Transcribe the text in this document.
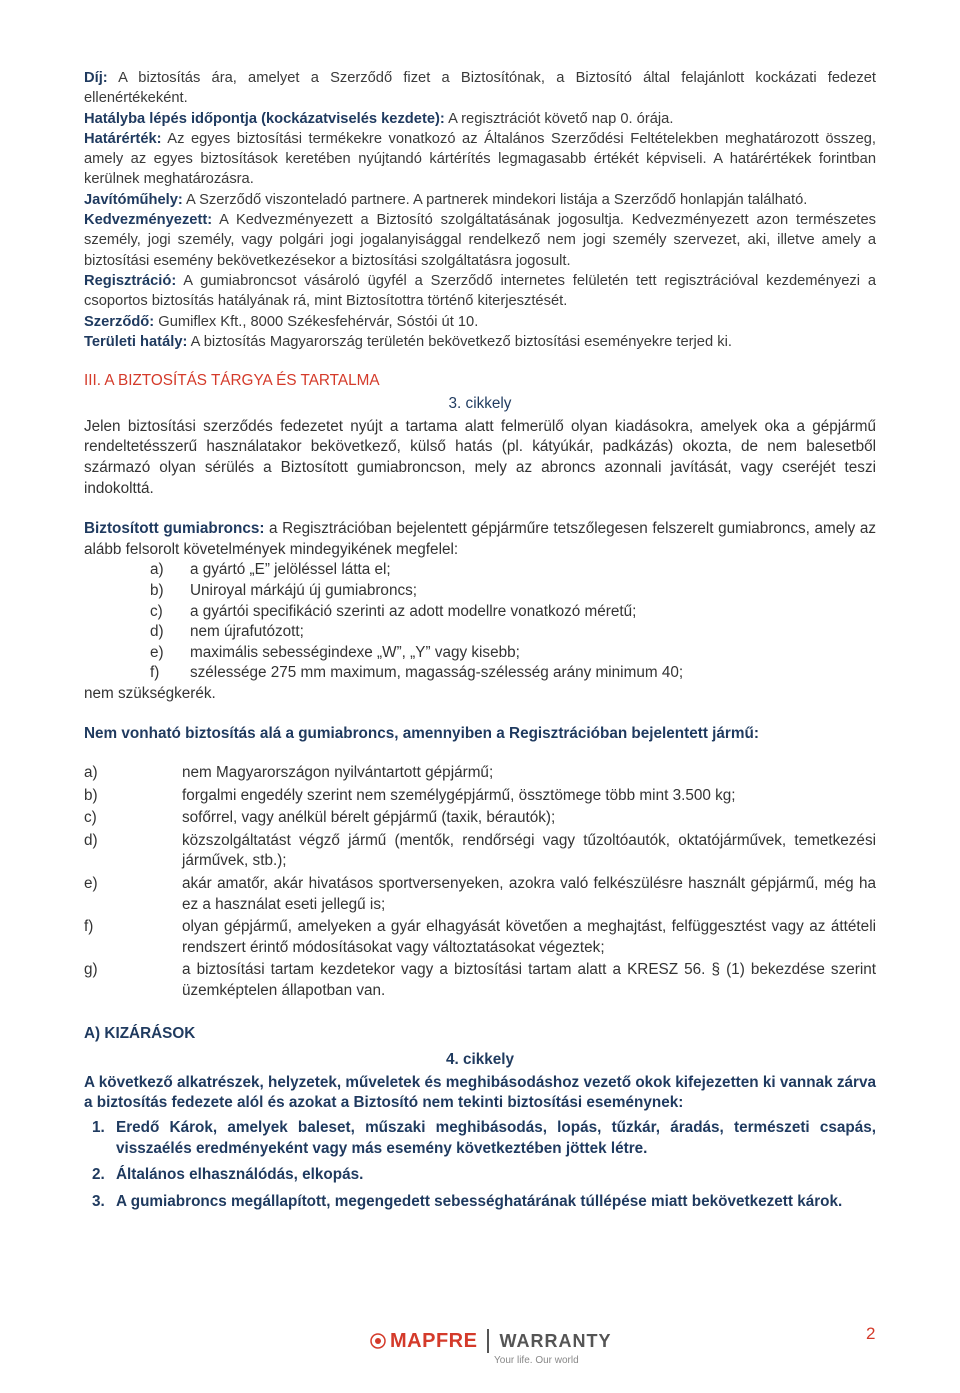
Díj: A biztosítás ára, amelyet a Szerződő fizet a Biztosítónak, a Biztosító által felajánlott kockázati fedezet ellenértékeként.
Hatályba lépés időpontja (kockázatviselés kezdete): A regisztrációt követő nap 0. órája.
Határérték: Az egyes biztosítási termékekre vonatkozó az Általános Szerződési Feltételekben meghatározott összeg, amely az egyes biztosítások keretében nyújtandó kártérítés legmagasabb értékét képviseli. A határértékek forintban kerülnek meghatározásra.
Javítóműhely: A Szerződő viszonteladó partnere. A partnerek mindekori listája a Szerződő honlapján található.
Kedvezményezett: A Kedvezményezett a Biztosító szolgáltatásának jogosultja. Kedvezményezett azon természetes személy, jogi személy, vagy polgári jogi jogalanyisággal rendelkező nem jogi személy szervezet, aki, illetve amely a biztosítási esemény bekövetkezésekor a biztosítási szolgáltatásra jogosult.
Regisztráció: A gumiabroncsot vásároló ügyfél a Szerződő internetes felületén tett regisztrációval kezdeményezi a csoportos biztosítás hatályának rá, mint Biztosítottra történő kiterjesztését.
Szerződő: Gumiflex Kft., 8000 Székesfehérvár, Sóstói út 10.
Területi hatály: A biztosítás Magyarország területén bekövetkező biztosítási eseményekre terjed ki.
III. A BIZTOSÍTÁS TÁRGYA ÉS TARTALMA
3. cikkely
Jelen biztosítási szerződés fedezetet nyújt a tartama alatt felmerülő olyan kiadásokra, amelyek oka a gépjármű rendeltetésszerű használatakor bekövetkező, külső hatás (pl. kátyúkár, padkázás) okozta, de nem balesetből származó olyan sérülés a Biztosított gumiabroncson, mely az abroncs azonnali javítását, vagy cseréjét teszi indokolttá.
Biztosított gumiabroncs: a Regisztrációban bejelentett gépjárműre tetszőlegesen felszerelt gumiabroncs, amely az alább felsorolt követelmények mindegyikének megfelel:
a)	a gyártó „E” jelöléssel látta el;
b)	Uniroyal márkájú új gumiabroncs;
c)	a gyártói specifikáció szerinti az adott modellre vonatkozó méretű;
d)	nem újrafutózott;
e)	maximális sebességindexe „W”, „Y” vagy kisebb;
f)	szélessége 275 mm maximum, magasság-szélesség arány minimum 40;
nem szükségkerék.
Nem vonható biztosítás alá a gumiabroncs, amennyiben a Regisztrációban bejelentett jármű:
a)	nem Magyarországon nyilvántartott gépjármű;
b)	forgalmi engedély szerint nem személygépjármű, össztömege több mint 3.500 kg;
c)	sofőrrel, vagy anélkül bérelt gépjármű (taxik, bérautók);
d)	közszolgáltatást végző jármű (mentők, rendőrségi vagy tűzoltóautók, oktatójárművek, temetkezési járművek, stb.);
e)	akár amatőr, akár hivatásos sportversenyeken, azokra való felkészülésre használt gépjármű, még ha ez a használat eseti jellegű is;
f)	olyan gépjármű, amelyeken a gyár elhagyását követően a meghajtást, felfüggesztést vagy az áttételi rendszert érintő módosításokat vagy változtatásokat végeztek;
g)	a biztosítási tartam kezdetekor vagy a biztosítási tartam alatt a KRESZ 56. § (1) bekezdése szerint üzemképtelen állapotban van.
A) KIZÁRÁSOK
4. cikkely
A következő alkatrészek, helyzetek, műveletek és meghibásodáshoz vezető okok kifejezetten ki vannak zárva a biztosítás fedezete alól és azokat a Biztosító nem tekinti biztosítási eseménynek:
1. Eredő Károk, amelyek baleset, műszaki meghibásodás, lopás, tűzkár, áradás, természeti csapás, visszaélés eredményeként vagy más esemény következtében jöttek létre.
2. Általános elhasználódás, elkopás.
3. A gumiabroncs megállapított, megengedett sebességhatárának túllépése miatt bekövetkezett károk.
MAPFRE WARRANTY
Your life. Our world
2
